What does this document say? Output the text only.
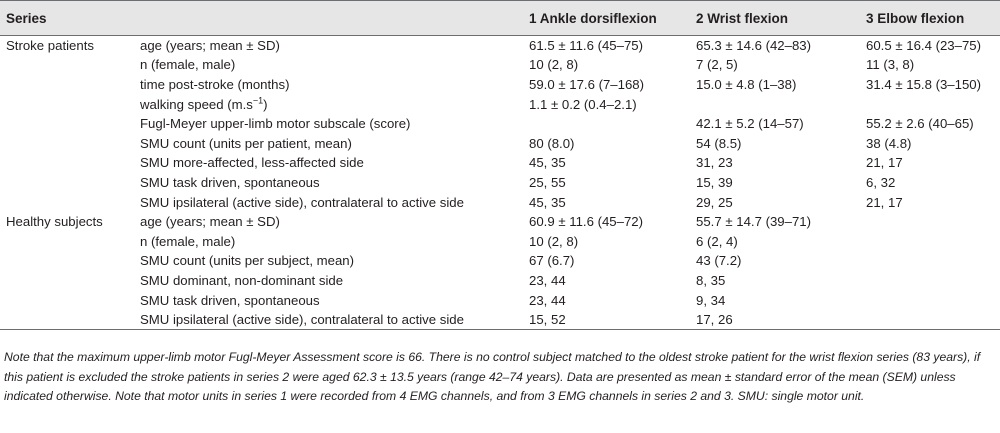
Series		1 Ankle dorsiflexion	2 Wrist flexion	3 Elbow flexion
Stroke patients	age (years; mean ± SD)	61.5 ± 11.6 (45–75)	65.3 ± 14.6 (42–83)	60.5 ± 16.4 (23–75)
	n (female, male)	10 (2, 8)	7 (2, 5)	11 (3, 8)
	time post-stroke (months)	59.0 ± 17.6 (7–168)	15.0 ± 4.8 (1–38)	31.4 ± 15.8 (3–150)
	walking speed $(m.s^{-1})$	1.1 ± 0.2 (0.4–2.1)		
	Fugl-Meyer upper-limb motor subscale (score)		42.1 ± 5.2 (14–57)	55.2 ± 2.6 (40–65)
	SMU count (units per patient, mean)	80 (8.0)	54 (8.5)	38 (4.8)
	SMU more-affected, less-affected side	45, 35	31, 23	21, 17
	SMU task driven, spontaneous	25, 55	15, 39	6, 32
	SMU ipsilateral (active side), contralateral to active side	45, 35	29, 25	21, 17
Healthy subjects	age (years; mean ± SD)	60.9 ± 11.6 (45–72)	55.7 ± 14.7 (39–71)	
	n (female, male)	10 (2, 8)	6 (2, 4)	
	SMU count (units per subject, mean)	67 (6.7)	43 (7.2)	
	SMU dominant, non-dominant side	23, 44	8, 35	
	SMU task driven, spontaneous	23, 44	9, 34	
	SMU ipsilateral (active side), contralateral to active side	15, 52	17, 26	

Note that the maximum upper-limb motor Fugl-Meyer Assessment score is 66. There is no control subject matched to the oldest stroke patient for the wrist flexion series (83 years), if this patient is excluded the stroke patients in series 2 were aged 62.3 ± 13.5 years (range 42–74 years). Data are presented as mean ± standard error of the mean (SEM) unless indicated otherwise. Note that motor units in series 1 were recorded from 4 EMG channels, and from 3 EMG channels in series 2 and 3. SMU: single motor unit.
